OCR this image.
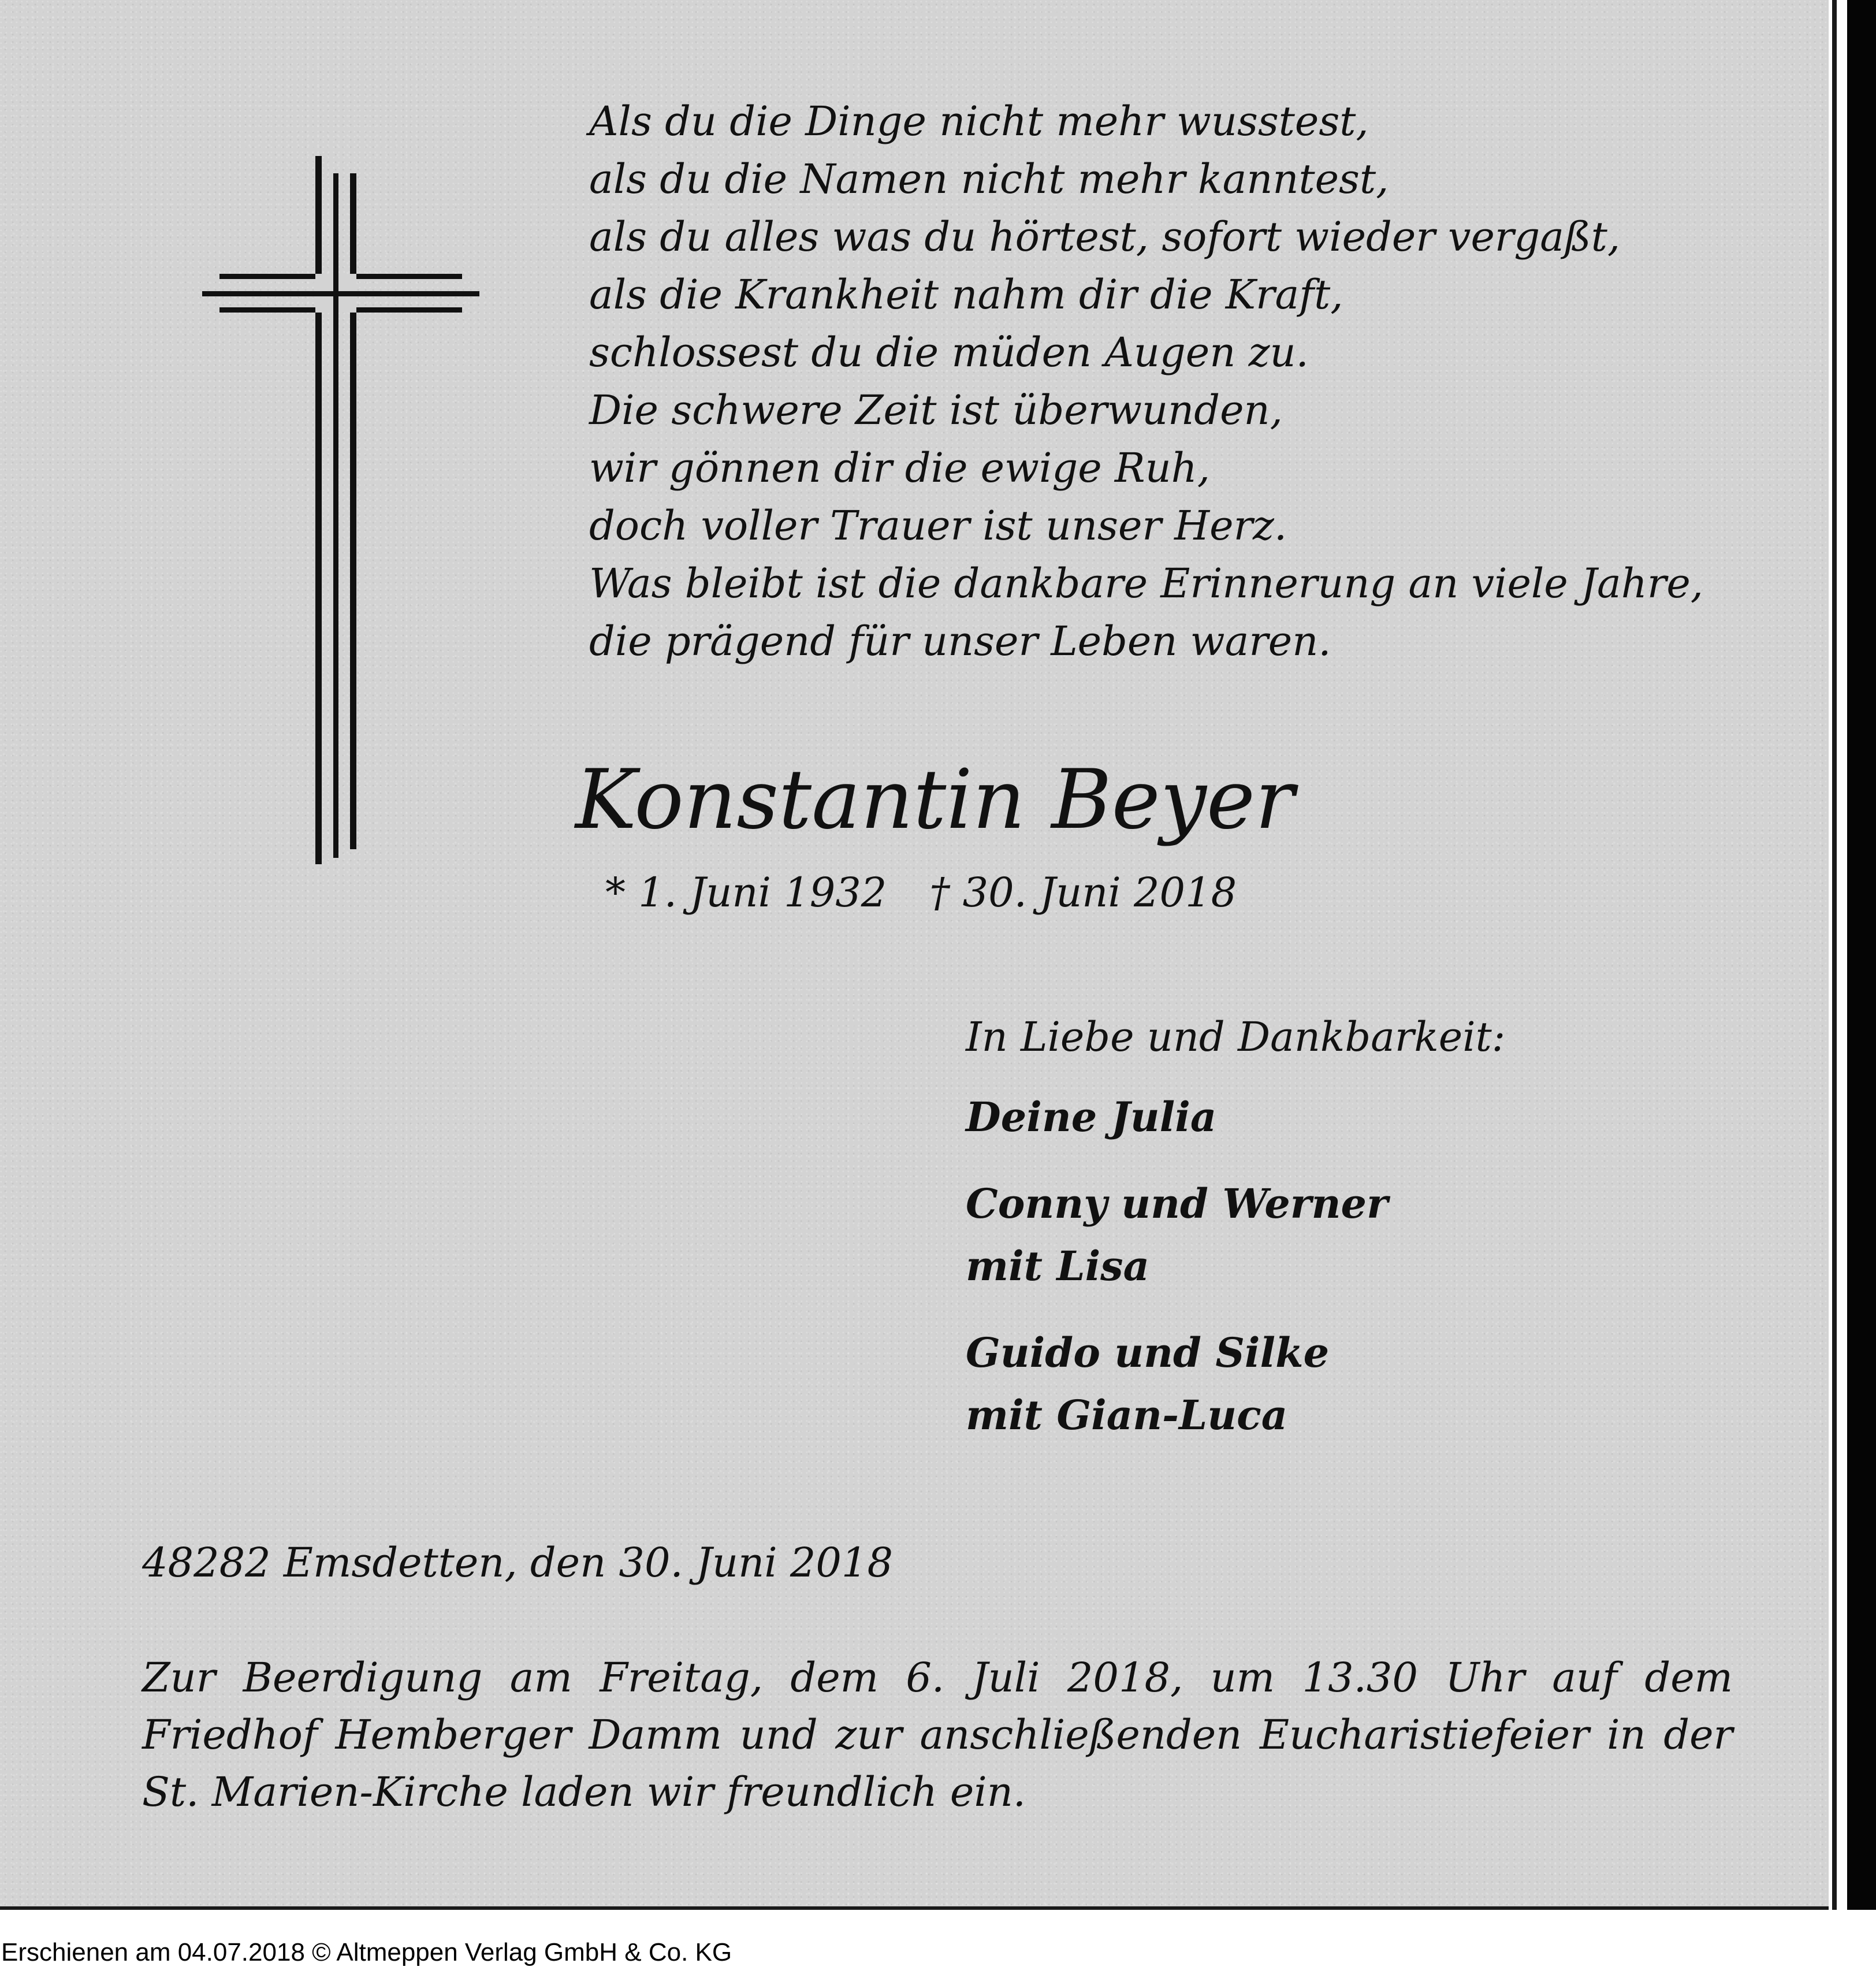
Als du die Dinge nicht mehr wusstest,
als du die Namen nicht mehr kanntest,
als du alles was du hörtest, sofort wieder vergaßt,
als die Krankheit nahm dir die Kraft,
schlossest du die müden Augen zu.
Die schwere Zeit ist überwunden,
wir gönnen dir die ewige Ruh,
doch voller Trauer ist unser Herz.
Was bleibt ist die dankbare Erinnerung an viele Jahre,
die prägend für unser Leben waren.
Konstantin Beyer
* 1. Juni 1932 † 30. Juni 2018
In Liebe und Dankbarkeit:
Deine Julia
Conny und Werner
mit Lisa
Guido und Silke
mit Gian-Luca
48282 Emsdetten, den 30. Juni 2018
Zur Beerdigung am Freitag, dem 6. Juli 2018, um 13.30 Uhr auf dem Friedhof Hemberger Damm und zur anschließenden Eucharistiefeier in der St. Marien-Kirche laden wir freundlich ein.
Erschienen am 04.07.2018 © Altmeppen Verlag GmbH & Co. KG
